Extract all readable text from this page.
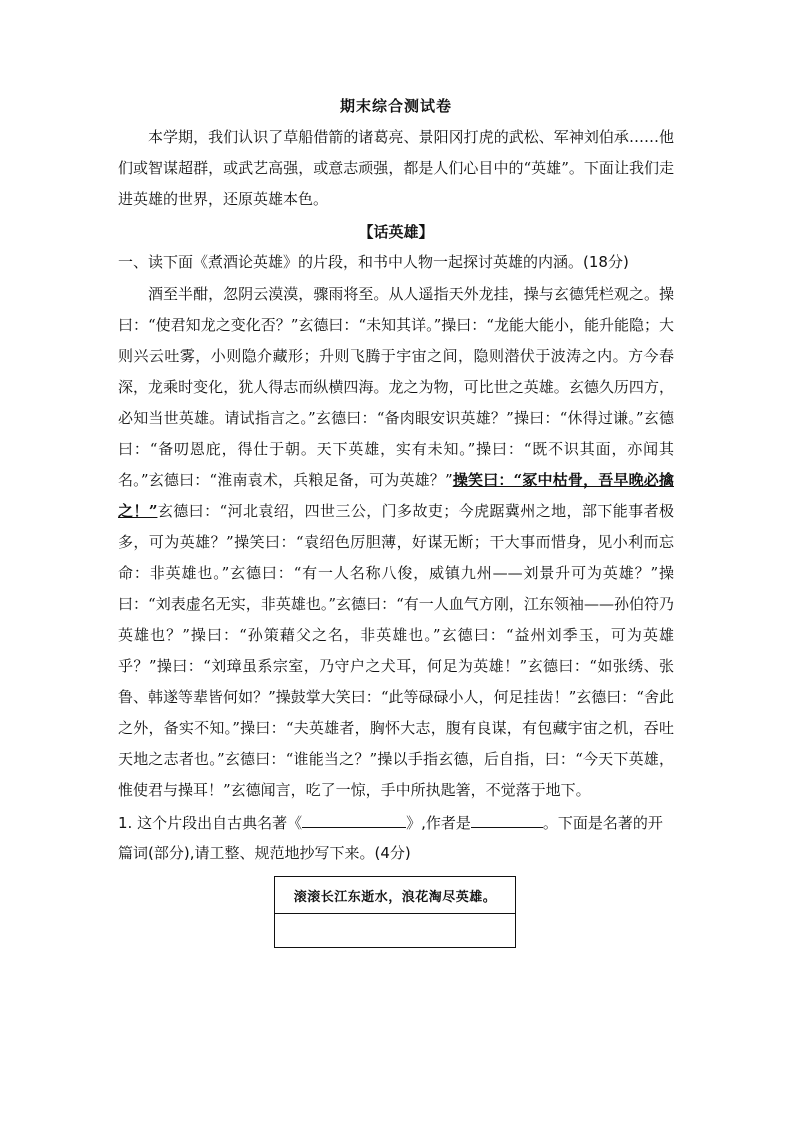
期末综合测试卷

本学期，我们认识了草船借箭的诸葛亮、景阳冈打虎的武松、军神刘伯承……他们或智谋超群，或武艺高强，或意志顽强，都是人们心目中的“英雄”。下面让我们走进英雄的世界，还原英雄本色。

【话英雄】

一、读下面《煮酒论英雄》的片段，和书中人物一起探讨英雄的内涵。(18分)

酒至半酣，忽阴云漠漠，骤雨将至。从人遥指天外龙挂，操与玄德凭栏观之。操曰：“使君知龙之变化否？”玄德曰：“未知其详。”操曰：“龙能大能小，能升能隐；大则兴云吐雾，小则隐介藏形；升则飞腾于宇宙之间，隐则潜伏于波涛之内。方今春深，龙乘时变化，犹人得志而纵横四海。龙之为物，可比世之英雄。玄德久历四方，必知当世英雄。请试指言之。”玄德曰：“备肉眼安识英雄？”操曰：“休得过谦。”玄德曰：“备叨恩庇，得仕于朝。天下英雄，实有未知。”操曰：“既不识其面，亦闻其名。”玄德曰：“淮南袁术，兵粮足备，可为英雄？”操笑曰：“冢中枯骨，吾早晚必擒之！”玄德曰：“河北袁绍，四世三公，门多故吏；今虎踞冀州之地，部下能事者极多，可为英雄？”操笑曰：“袁绍色厉胆薄，好谋无断；干大事而惜身，见小利而忘命：非英雄也。”玄德曰：“有一人名称八俊，威镇九州——刘景升可为英雄？”操曰：“刘表虚名无实，非英雄也。”玄德曰：“有一人血气方刚，江东领袖——孙伯符乃英雄也？”操曰：“孙策藉父之名，非英雄也。”玄德曰：“益州刘季玉，可为英雄乎？”操曰：“刘璋虽系宗室，乃守户之犬耳，何足为英雄！”玄德曰：“如张绣、张鲁、韩遂等辈皆何如？”操鼓掌大笑曰：“此等碌碌小人，何足挂齿！”玄德曰：“舍此之外，备实不知。”操曰：“夫英雄者，胸怀大志，腹有良谋，有包藏宇宙之机，吞吐天地之志者也。”玄德曰：“谁能当之？”操以手指玄德，后自指，曰：“今天下英雄，惟使君与操耳！”玄德闻言，吃了一惊，手中所执匙箸，不觉落于地下。

1. 这个片段出自古典名著《	》,作者是	。下面是名著的开篇词(部分),请工整、规范地抄写下来。(4分)

滚滚长江东逝水，浪花淘尽英雄。
